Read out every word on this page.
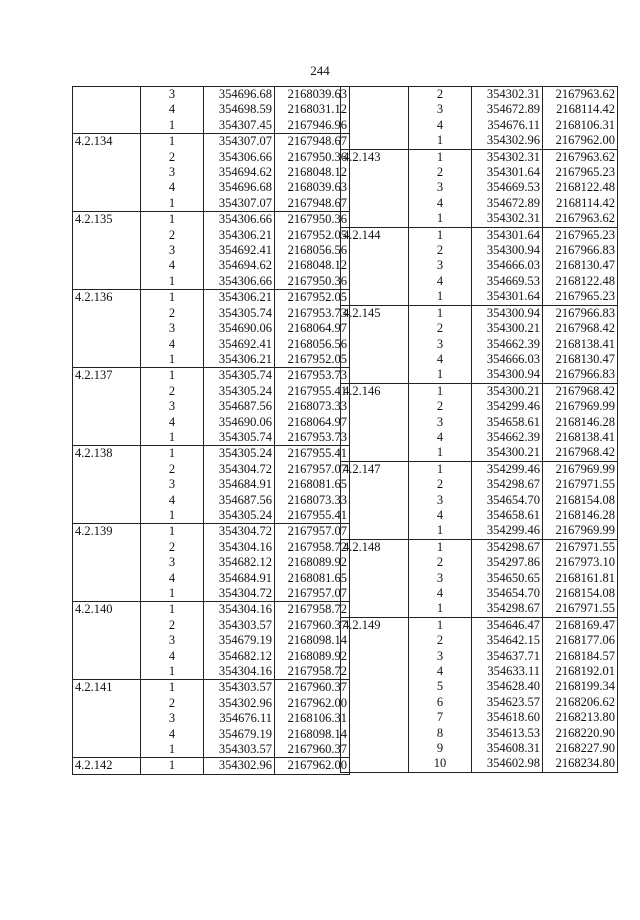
244
	3	354696.68	2168039.63
	4	354698.59	2168031.12
	1	354307.45	2167946.96
4.2.134	1	354307.07	2167948.67
	2	354306.66	2167950.36
	3	354694.62	2168048.12
	4	354696.68	2168039.63
	1	354307.07	2167948.67
4.2.135	1	354306.66	2167950.36
	2	354306.21	2167952.05
	3	354692.41	2168056.56
	4	354694.62	2168048.12
	1	354306.66	2167950.36
4.2.136	1	354306.21	2167952.05
	2	354305.74	2167953.73
	3	354690.06	2168064.97
	4	354692.41	2168056.56
	1	354306.21	2167952.05
4.2.137	1	354305.74	2167953.73
	2	354305.24	2167955.41
	3	354687.56	2168073.33
	4	354690.06	2168064.97
	1	354305.74	2167953.73
4.2.138	1	354305.24	2167955.41
	2	354304.72	2167957.07
	3	354684.91	2168081.65
	4	354687.56	2168073.33
	1	354305.24	2167955.41
4.2.139	1	354304.72	2167957.07
	2	354304.16	2167958.72
	3	354682.12	2168089.92
	4	354684.91	2168081.65
	1	354304.72	2167957.07
4.2.140	1	354304.16	2167958.72
	2	354303.57	2167960.37
	3	354679.19	2168098.14
	4	354682.12	2168089.92
	1	354304.16	2167958.72
4.2.141	1	354303.57	2167960.37
	2	354302.96	2167962.00
	3	354676.11	2168106.31
	4	354679.19	2168098.14
	1	354303.57	2167960.37
4.2.142	1	354302.96	2167962.00
	2	354302.31	2167963.62
	3	354672.89	2168114.42
	4	354676.11	2168106.31
	1	354302.96	2167962.00
4.2.143	1	354302.31	2167963.62
	2	354301.64	2167965.23
	3	354669.53	2168122.48
	4	354672.89	2168114.42
	1	354302.31	2167963.62
4.2.144	1	354301.64	2167965.23
	2	354300.94	2167966.83
	3	354666.03	2168130.47
	4	354669.53	2168122.48
	1	354301.64	2167965.23
4.2.145	1	354300.94	2167966.83
	2	354300.21	2167968.42
	3	354662.39	2168138.41
	4	354666.03	2168130.47
	1	354300.94	2167966.83
4.2.146	1	354300.21	2167968.42
	2	354299.46	2167969.99
	3	354658.61	2168146.28
	4	354662.39	2168138.41
	1	354300.21	2167968.42
4.2.147	1	354299.46	2167969.99
	2	354298.67	2167971.55
	3	354654.70	2168154.08
	4	354658.61	2168146.28
	1	354299.46	2167969.99
4.2.148	1	354298.67	2167971.55
	2	354297.86	2167973.10
	3	354650.65	2168161.81
	4	354654.70	2168154.08
	1	354298.67	2167971.55
4.2.149	1	354646.47	2168169.47
	2	354642.15	2168177.06
	3	354637.71	2168184.57
	4	354633.11	2168192.01
	5	354628.40	2168199.34
	6	354623.57	2168206.62
	7	354618.60	2168213.80
	8	354613.53	2168220.90
	9	354608.31	2168227.90
	10	354602.98	2168234.80
